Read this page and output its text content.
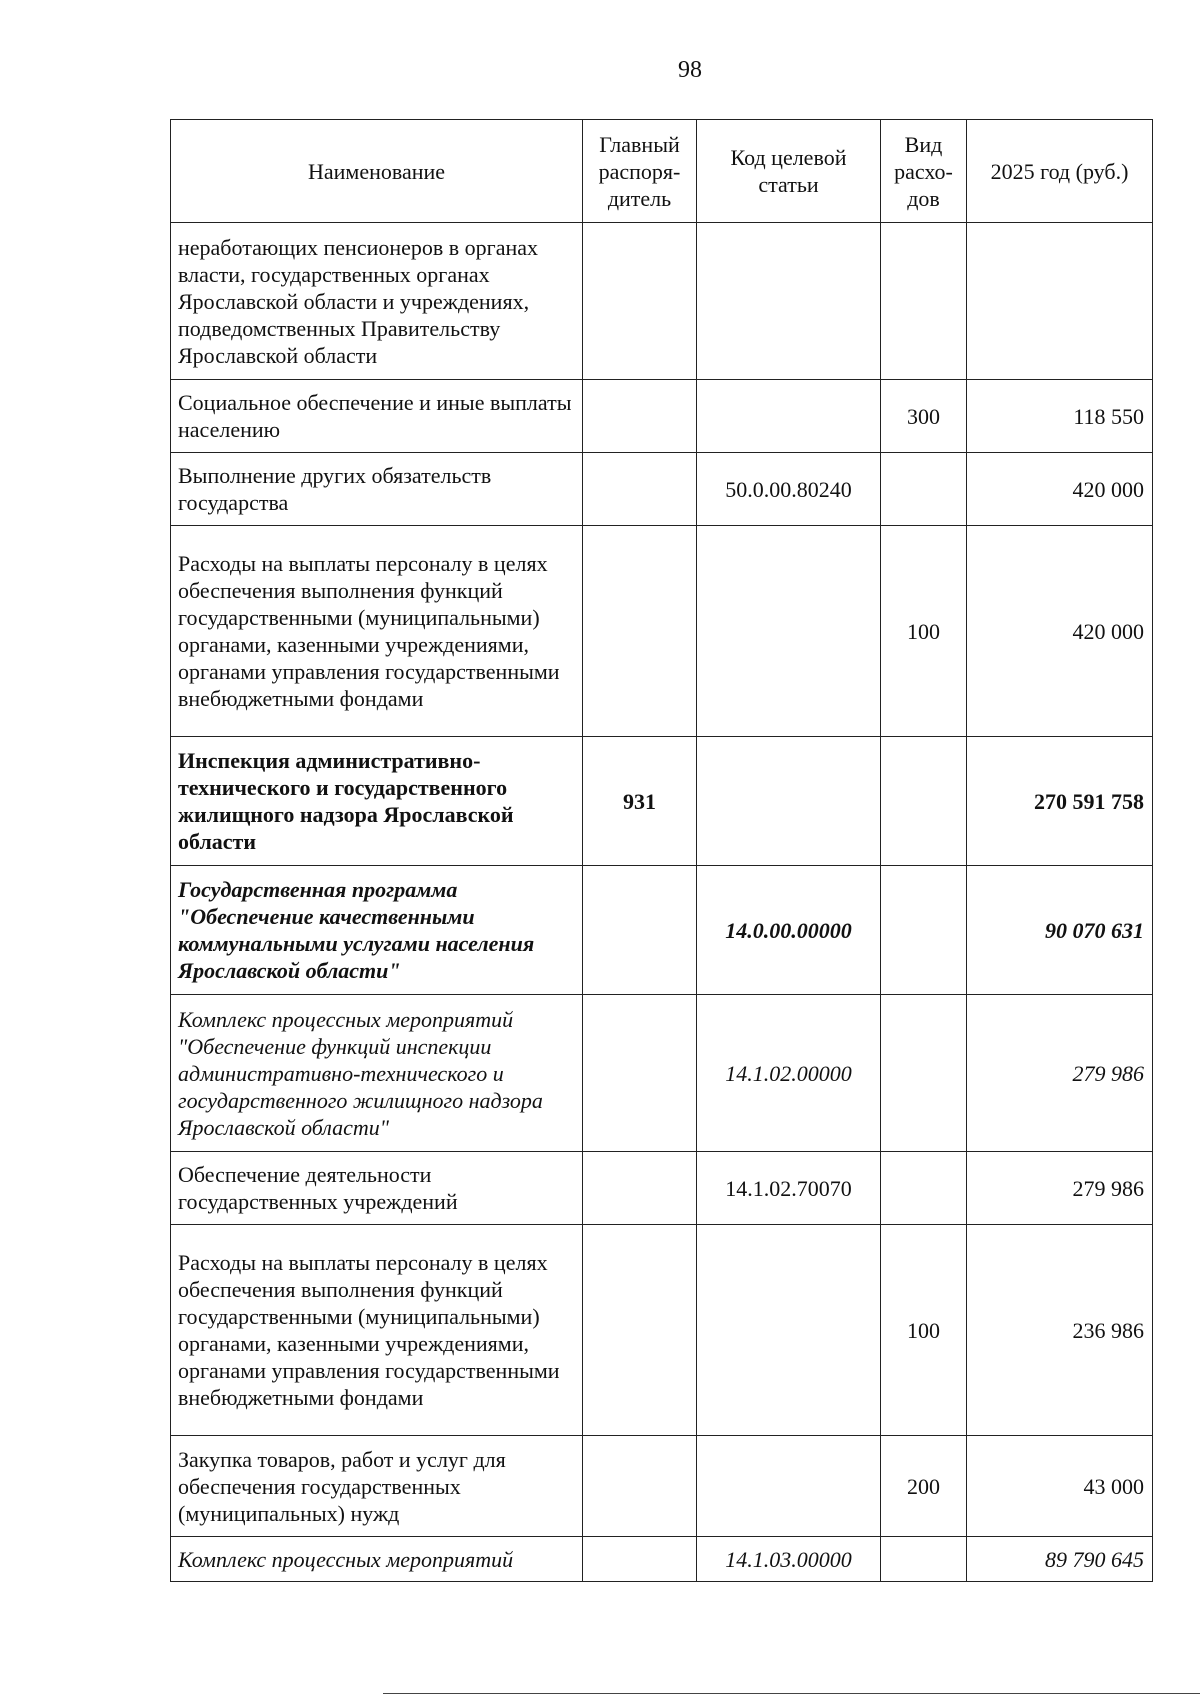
98
Наименование	Главный распоря-дитель	Код целевой статьи	Вид расхо-дов	2025 год (руб.)
неработающих пенсионеров в органах власти, государственных органах Ярославской области и учреждениях, подведомственных Правительству Ярославской области				
Социальное обеспечение и иные выплаты населению			300	118 550
Выполнение других обязательств государства		50.0.00.80240		420 000
Расходы на выплаты персоналу в целях обеспечения выполнения функций государственными (муниципальными) органами, казенными учреждениями, органами управления государственными внебюджетными фондами			100	420 000
Инспекция административно-технического и государственного жилищного надзора Ярославской области	931			270 591 758
Государственная программа "Обеспечение качественными коммунальными услугами населения Ярославской области"		14.0.00.00000		90 070 631
Комплекс процессных мероприятий "Обеспечение функций инспекции административно-технического и государственного жилищного надзора Ярославской области"		14.1.02.00000		279 986
Обеспечение деятельности государственных учреждений		14.1.02.70070		279 986
Расходы на выплаты персоналу в целях обеспечения выполнения функций государственными (муниципальными) органами, казенными учреждениями, органами управления государственными внебюджетными фондами			100	236 986
Закупка товаров, работ и услуг для обеспечения государственных (муниципальных) нужд			200	43 000
Комплекс процессных мероприятий		14.1.03.00000		89 790 645
